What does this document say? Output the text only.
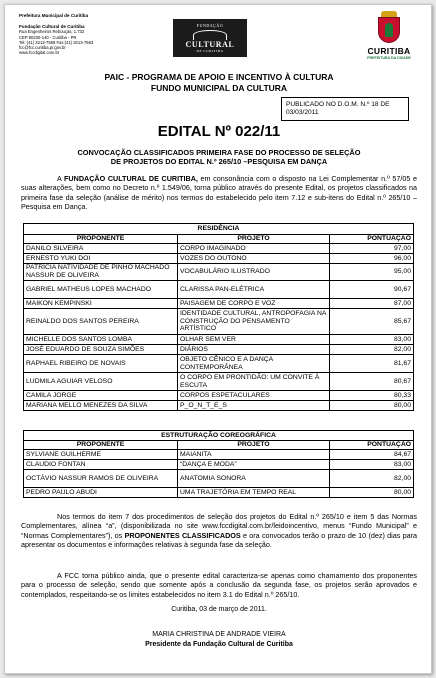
Prefeitura Municipal de Curitiba
Fundação Cultural de Curitiba
Rua Engenheiros Rebouças, 1.732
CEP 80230-140 - Curitiba - PR
Tel: (41) 3213-7559 Fax:(41) 3213-7563
fcc@fcc.curitiba.pr.gov.br
www.fccdigital.com.br
FUNDAÇÃO
CULTURAL
DE CURITIBA	CURITIBA
PREFEITURA DA CIDADE
PAIC - PROGRAMA DE APOIO E INCENTIVO À CULTURA
FUNDO MUNICIPAL DA CULTURA
PUBLICADO NO D.O.M. N.º 18 DE 03/03/2011
EDITAL Nº 022/11
CONVOCAÇÃO CLASSIFICADOS PRIMEIRA FASE DO PROCESSO DE SELEÇÃO
DE PROJETOS DO EDITAL N.º 265/10 –PESQUISA EM DANÇA
A FUNDAÇÃO CULTURAL DE CURITIBA, em consonância com o disposto na Lei Complementar n.º 57/05 e suas alterações, bem como no Decreto n.º 1.549/06, torna público através do presente Edital, os projetos classificados na primeira fase da seleção (análise de mérito) nos termos do estabelecido pelo item 7.12 e sub-itens do Edital n.º 265/10 – Pesquisa em Dança.
RESIDÊNCIA		
PROPONENTE	PROJETO	PONTUAÇÃO
DANILO SILVEIRA	CORPO IMAGINADO	97,00
ERNESTO YUKI DOI	VOZES DO OUTONO	96,00
PATRÍCIA NATIVIDADE DE PINHO MACHADO NASSUR DE OLIVEIRA	VOCABULÁRIO ILUSTRADO	95,00
GABRIEL MATHEUS LOPES MACHADO	CLARISSA PAN-ELÉTRICA	90,67
MAIKON KEMPINSKI	PAISAGEM DE CORPO E VOZ	87,00
REINALDO DOS SANTOS PEREIRA	IDENTIDADE CULTURAL, ANTROPOFAGIA NA CONSTRUÇÃO DO PENSAMENTO ARTÍSTICO	85,67
MICHELLE DOS SANTOS LOMBA	OLHAR SEM VER	83,00
JOSÉ EDUARDO DE SOUZA SIMÕES	DIÁRIOS	82,00
RAPHAEL RIBEIRO DE NOVAIS	OBJETO CÊNICO E A DANÇA CONTEMPORÂNEA	81,67
LUDMILA AGUIAR VELOSO	O CORPO EM PRONTIDÃO: UM CONVITE À ESCUTA	80,67
CAMILA JORGE	CORPOS ESPETACULARES	80,33
MARIANA MELLO MENEZES DA SILVA	P_O_N_T_E_S	80,00
ESTRUTURAÇÃO COREOGRÁFICA		
PROPONENTE	PROJETO	PONTUAÇÃO
SYLVIANE GUILHERME	MAIANITA	84,67
CLAUDIO FONTAN	“DANÇA E MODA”	83,00
OCTÁVIO NASSUR RAMOS DE OLIVEIRA	ANATOMIA SONORA	82,00
PEDRO PAULO ABUDI	UMA TRAJETÓRIA EM TEMPO REAL	80,00
Nos termos do item 7 dos procedimentos de seleção dos projetos do Edital n.º 265/10 e item 5 das Normas Complementares, alínea “a”, (disponibilizada no site www.fccdigital.com.br/leidoincentivo, menus “Fundo Municipal” e “Normas Complementares”), os PROPONENTES CLASSIFICADOS e ora convocados terão o prazo de 10 (dez) dias para apresentar os documentos e informações relativas à segunda fase da seleção.
A FCC torna público ainda, que o presente edital caracteriza-se apenas como chamamento dos proponentes para o processo de seleção, sendo que somente após a conclusão da segunda fase, os projetos serão aprovados e contemplados, respeitando-se os limites estabelecidos no item 3.1 do Edital n.º 265/10.
Curitiba, 03 de março de 2011.
MARIA CHRISTINA DE ANDRADE VIEIRA
Presidente da Fundação Cultural de Curitiba
